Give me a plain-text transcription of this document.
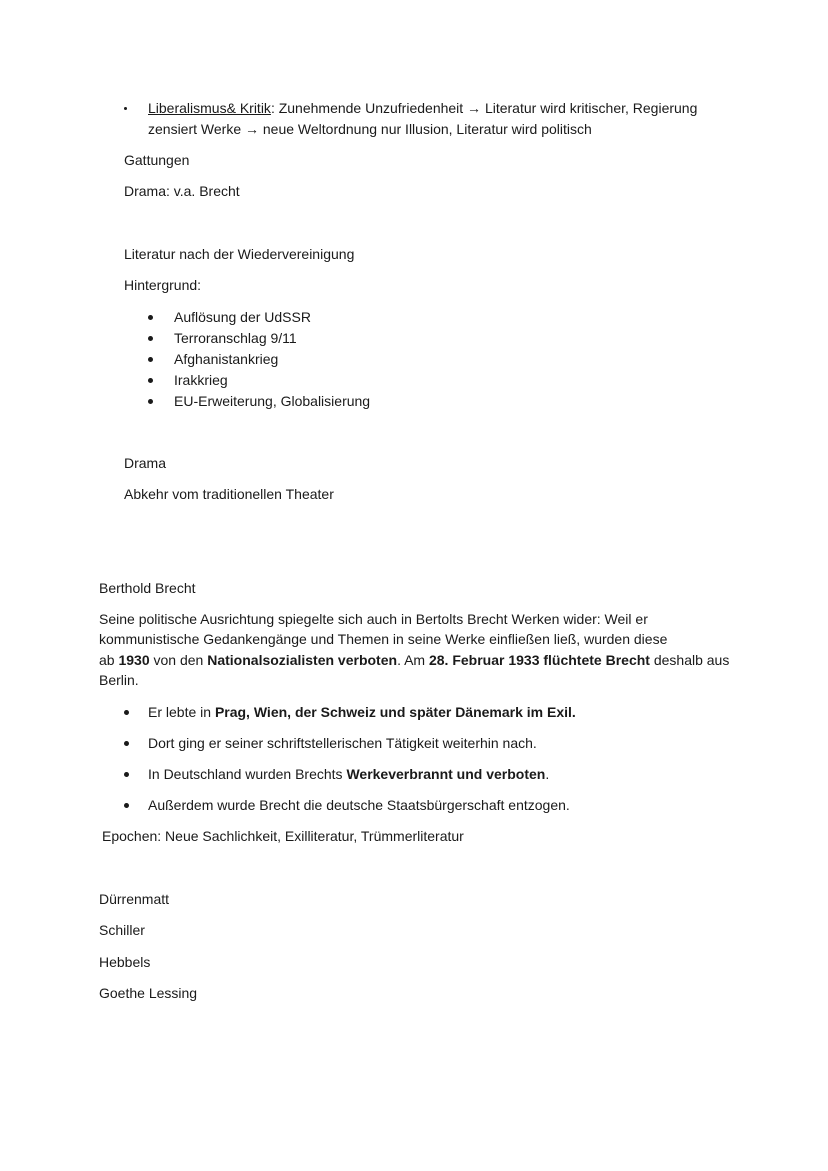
Liberalismus& Kritik: Zunehmende Unzufriedenheit → Literatur wird kritischer, Regierung
zensiert Werke → neue Weltordnung nur Illusion, Literatur wird politisch
Gattungen
Drama: v.a. Brecht
Literatur nach der Wiedervereinigung
Hintergrund:
Auflösung der UdSSR
Terroranschlag 9/11
Afghanistankrieg
Irakkrieg
EU-Erweiterung, Globalisierung
Drama
Abkehr vom traditionellen Theater
Berthold Brecht
Seine politische Ausrichtung spiegelte sich auch in Bertolts Brecht Werken wider: Weil er
kommunistische Gedankengänge und Themen in seine Werke einfließen ließ, wurden diese
ab 1930 von den Nationalsozialisten verboten. Am 28. Februar 1933 flüchtete Brecht deshalb aus
Berlin.
Er lebte in Prag, Wien, der Schweiz und später Dänemark im Exil.
Dort ging er seiner schriftstellerischen Tätigkeit weiterhin nach.
In Deutschland wurden Brechts Werkeverbrannt und verboten.
Außerdem wurde Brecht die deutsche Staatsbürgerschaft entzogen.
Epochen: Neue Sachlichkeit, Exilliteratur, Trümmerliteratur
Dürrenmatt
Schiller
Hebbels
Goethe Lessing
